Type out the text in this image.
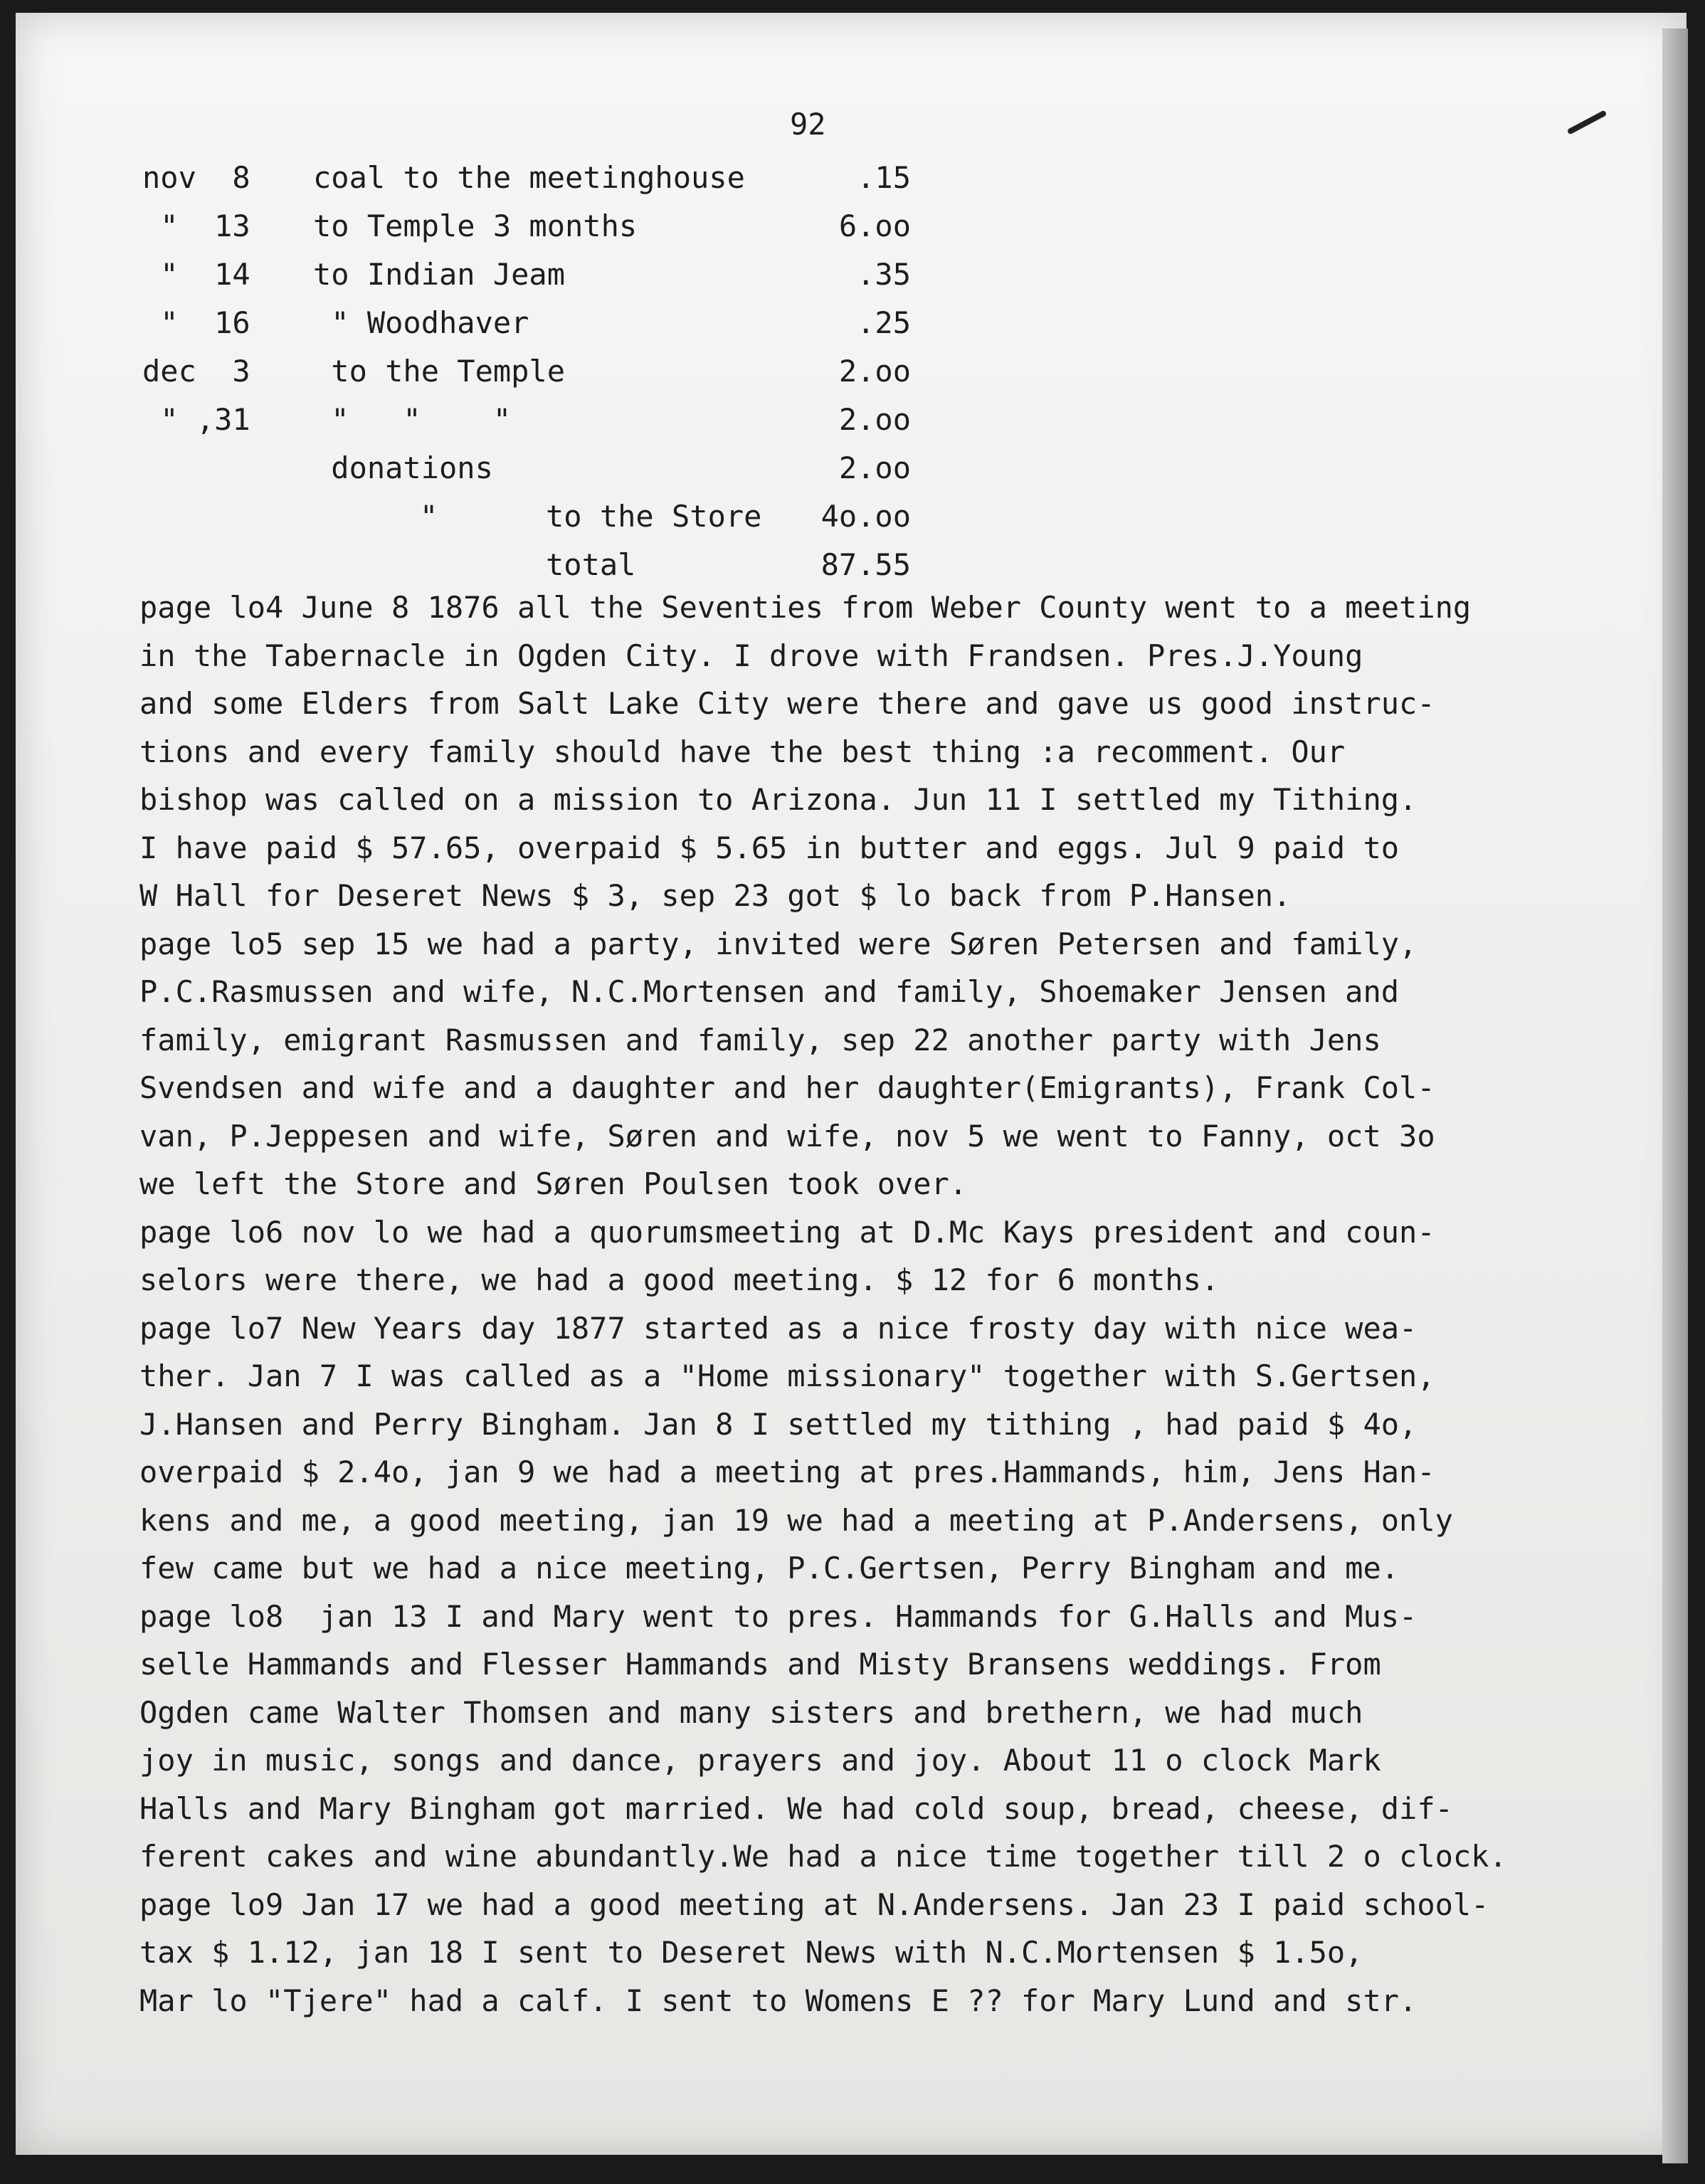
92
nov  8 coal to the meetinghouse	.15
"  13 to Temple 3 months	6.oo
"  14 to Indian Jeam	.35
"  16 " Woodhaver	.25
dec  3 to the Temple	2.oo
" ,31 "   "    "	2.oo
donations	2.oo
"      to the Store	4o.oo
total	87.55
page lo4 June 8 1876 all the Seventies from Weber County went to a meeting
in the Tabernacle in Ogden City. I drove with Frandsen. Pres.J.Young
and some Elders from Salt Lake City were there and gave us good instruc-
tions and every family should have the best thing :a recomment. Our
bishop was called on a mission to Arizona. Jun 11 I settled my Tithing.
I have paid $ 57.65, overpaid $ 5.65 in butter and eggs. Jul 9 paid to
W Hall for Deseret News $ 3, sep 23 got $ lo back from P.Hansen.
page lo5 sep 15 we had a party, invited were Søren Petersen and family,
P.C.Rasmussen and wife, N.C.Mortensen and family, Shoemaker Jensen and
family, emigrant Rasmussen and family, sep 22 another party with Jens
Svendsen and wife and a daughter and her daughter(Emigrants), Frank Col-
van, P.Jeppesen and wife, Søren and wife, nov 5 we went to Fanny, oct 3o
we left the Store and Søren Poulsen took over.
page lo6 nov lo we had a quorumsmeeting at D.Mc Kays president and coun-
selors were there, we had a good meeting. $ 12 for 6 months.
page lo7 New Years day 1877 started as a nice frosty day with nice wea-
ther. Jan 7 I was called as a "Home missionary" together with S.Gertsen,
J.Hansen and Perry Bingham. Jan 8 I settled my tithing , had paid $ 4o,
overpaid $ 2.4o, jan 9 we had a meeting at pres.Hammands, him, Jens Han-
kens and me, a good meeting, jan 19 we had a meeting at P.Andersens, only
few came but we had a nice meeting, P.C.Gertsen, Perry Bingham and me.
page lo8  jan 13 I and Mary went to pres. Hammands for G.Halls and Mus-
selle Hammands and Flesser Hammands and Misty Bransens weddings. From
Ogden came Walter Thomsen and many sisters and brethern, we had much
joy in music, songs and dance, prayers and joy. About 11 o clock Mark
Halls and Mary Bingham got married. We had cold soup, bread, cheese, dif-
ferent cakes and wine abundantly.We had a nice time together till 2 o clock.
page lo9 Jan 17 we had a good meeting at N.Andersens. Jan 23 I paid school-
tax $ 1.12, jan 18 I sent to Deseret News with N.C.Mortensen $ 1.5o,
Mar lo "Tjere" had a calf. I sent to Womens E ?? for Mary Lund and str.
